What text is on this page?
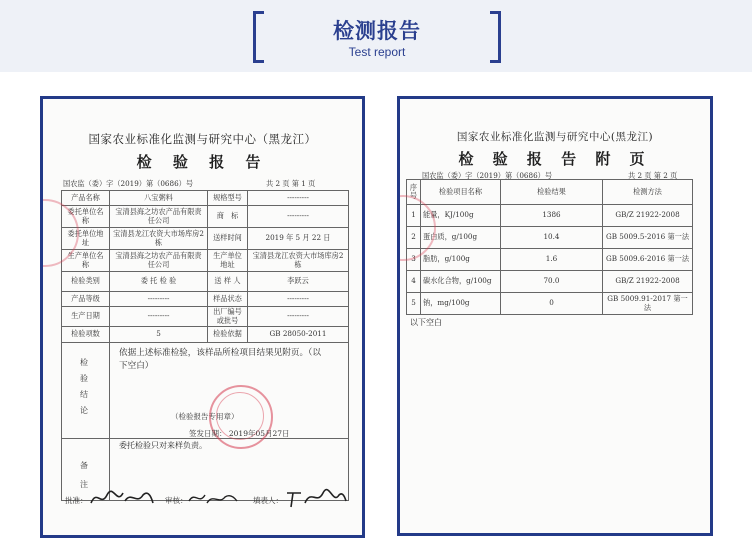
检测报告
Test report
国家农业标准化监测与研究中心（黑龙江）
检 验 报 告
国农监（委）字（2019）第（0686）号	共 2 页 第 1 页
产品名称	八宝粥料	规格型号	---------
委托单位名称	宝清县海之坊农产品有限责任公司	商　标	---------
委托单位地址	宝清县龙江农资大市场库房2栋	送样时间	2019 年 5 月 22 日
生产单位名称	宝清县海之坊农产品有限责任公司	生产单位地址	宝清县龙江农资大市场库房2栋
检验类别	委 托 检 验	送 样 人	李跃云
产品等级	---------	样品状态	---------
生产日期	---------	出厂编号或批号	---------
检验项数	5	检验依据	GB 28050-2011

检 验 结 论
依据上述标准检验，该样品所检项目结果见附页。（以下空白）
（检验报告专用章）
签发日期： 2019年05月27日
备 注
委托检验只对来样负责。
批准：	审核：	填表人：
国家农业标准化监测与研究中心(黑龙江)
检 验 报 告 附 页
国农监（委）字（2019）第（0686）号	共 2 页 第 2 页
序号	检验项目名称	检验结果	检测方法
1	能量，KJ/100g	1386	GB/Z 21922-2008
2	蛋白质，g/100g	10.4	GB 5009.5-2016 第一法
3	脂肪，g/100g	1.6	GB 5009.6-2016 第一法
4	碳水化合物，g/100g	70.0	GB/Z 21922-2008
5	钠，mg/100g	0	GB 5009.91-2017 第一法
以下空白
